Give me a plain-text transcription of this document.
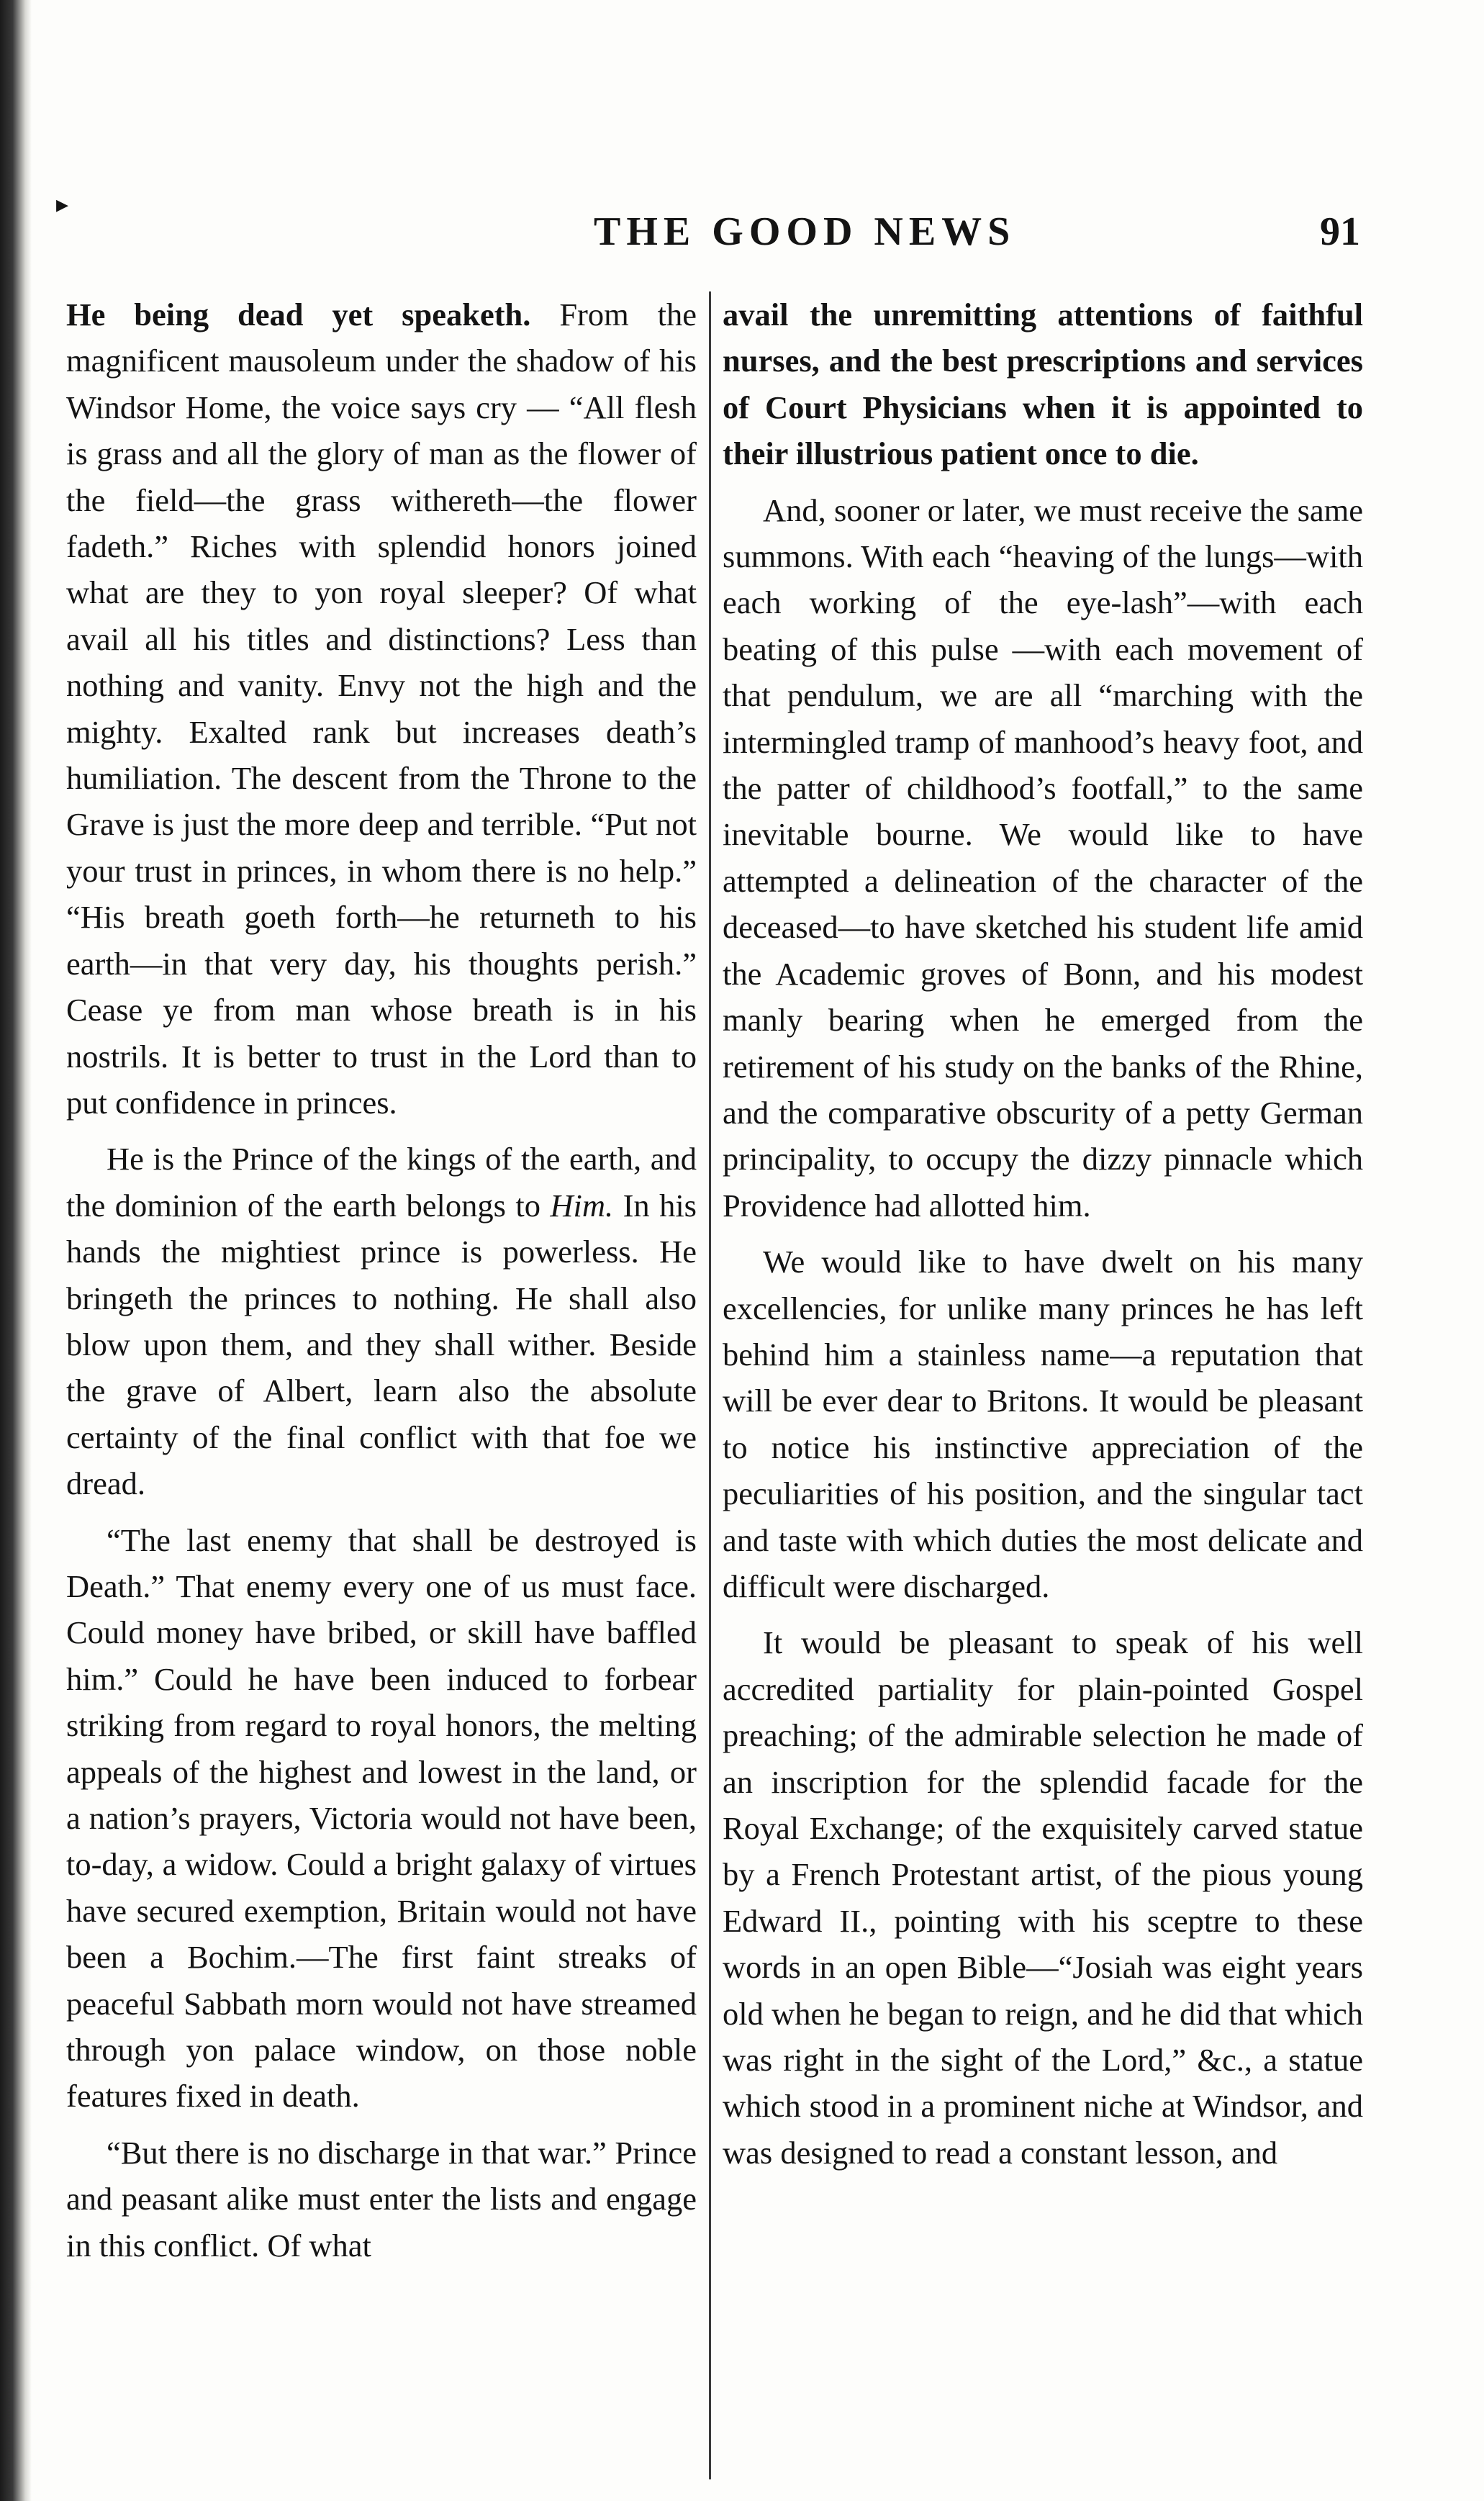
▸
THE GOOD NEWS	91

He being dead yet speaketh. From the magnificent mausoleum under the shadow of his Windsor Home, the voice says cry — “All flesh is grass and all the glory of man as the flower of the field—the grass withereth—the flower fadeth.” Riches with splendid honors joined what are they to yon royal sleeper? Of what avail all his titles and distinctions? Less than nothing and vanity. Envy not the high and the mighty. Exalted rank but increases death’s humiliation. The descent from the Throne to the Grave is just the more deep and terrible. “Put not your trust in princes, in whom there is no help.” “His breath goeth forth—he returneth to his earth—in that very day, his thoughts perish.” Cease ye from man whose breath is in his nostrils. It is better to trust in the Lord than to put confidence in princes.

He is the Prince of the kings of the earth, and the dominion of the earth belongs to Him. In his hands the mightiest prince is powerless. He bringeth the princes to nothing. He shall also blow upon them, and they shall wither. Beside the grave of Albert, learn also the absolute certainty of the final conflict with that foe we dread.

“The last enemy that shall be destroyed is Death.” That enemy every one of us must face. Could money have bribed, or skill have baffled him.” Could he have been induced to forbear striking from regard to royal honors, the melting appeals of the highest and lowest in the land, or a nation’s prayers, Victoria would not have been, to-day, a widow. Could a bright galaxy of virtues have secured exemption, Britain would not have been a Bochim.—The first faint streaks of peaceful Sabbath morn would not have streamed through yon palace window, on those noble features fixed in death.

“But there is no discharge in that war.” Prince and peasant alike must enter the lists and engage in this conflict. Of what

avail the unremitting attentions of faithful nurses, and the best prescriptions and services of Court Physicians when it is appointed to their illustrious patient once to die.

And, sooner or later, we must receive the same summons. With each “heaving of the lungs—with each working of the eye-lash”—with each beating of this pulse —with each movement of that pendulum, we are all “marching with the intermingled tramp of manhood’s heavy foot, and the patter of childhood’s footfall,” to the same inevitable bourne. We would like to have attempted a delineation of the character of the deceased—to have sketched his student life amid the Academic groves of Bonn, and his modest manly bearing when he emerged from the retirement of his study on the banks of the Rhine, and the comparative obscurity of a petty German principality, to occupy the dizzy pinnacle which Providence had allotted him.

We would like to have dwelt on his many excellencies, for unlike many princes he has left behind him a stainless name—a reputation that will be ever dear to Britons. It would be pleasant to notice his instinctive appreciation of the peculiarities of his position, and the singular tact and taste with which duties the most delicate and difficult were discharged.

It would be pleasant to speak of his well accredited partiality for plain-pointed Gospel preaching; of the admirable selection he made of an inscription for the splendid facade for the Royal Exchange; of the exquisitely carved statue by a French Protestant artist, of the pious young Edward II., pointing with his sceptre to these words in an open Bible—“Josiah was eight years old when he began to reign, and he did that which was right in the sight of the Lord,” &c., a statue which stood in a prominent niche at Windsor, and was designed to read a constant lesson, and
